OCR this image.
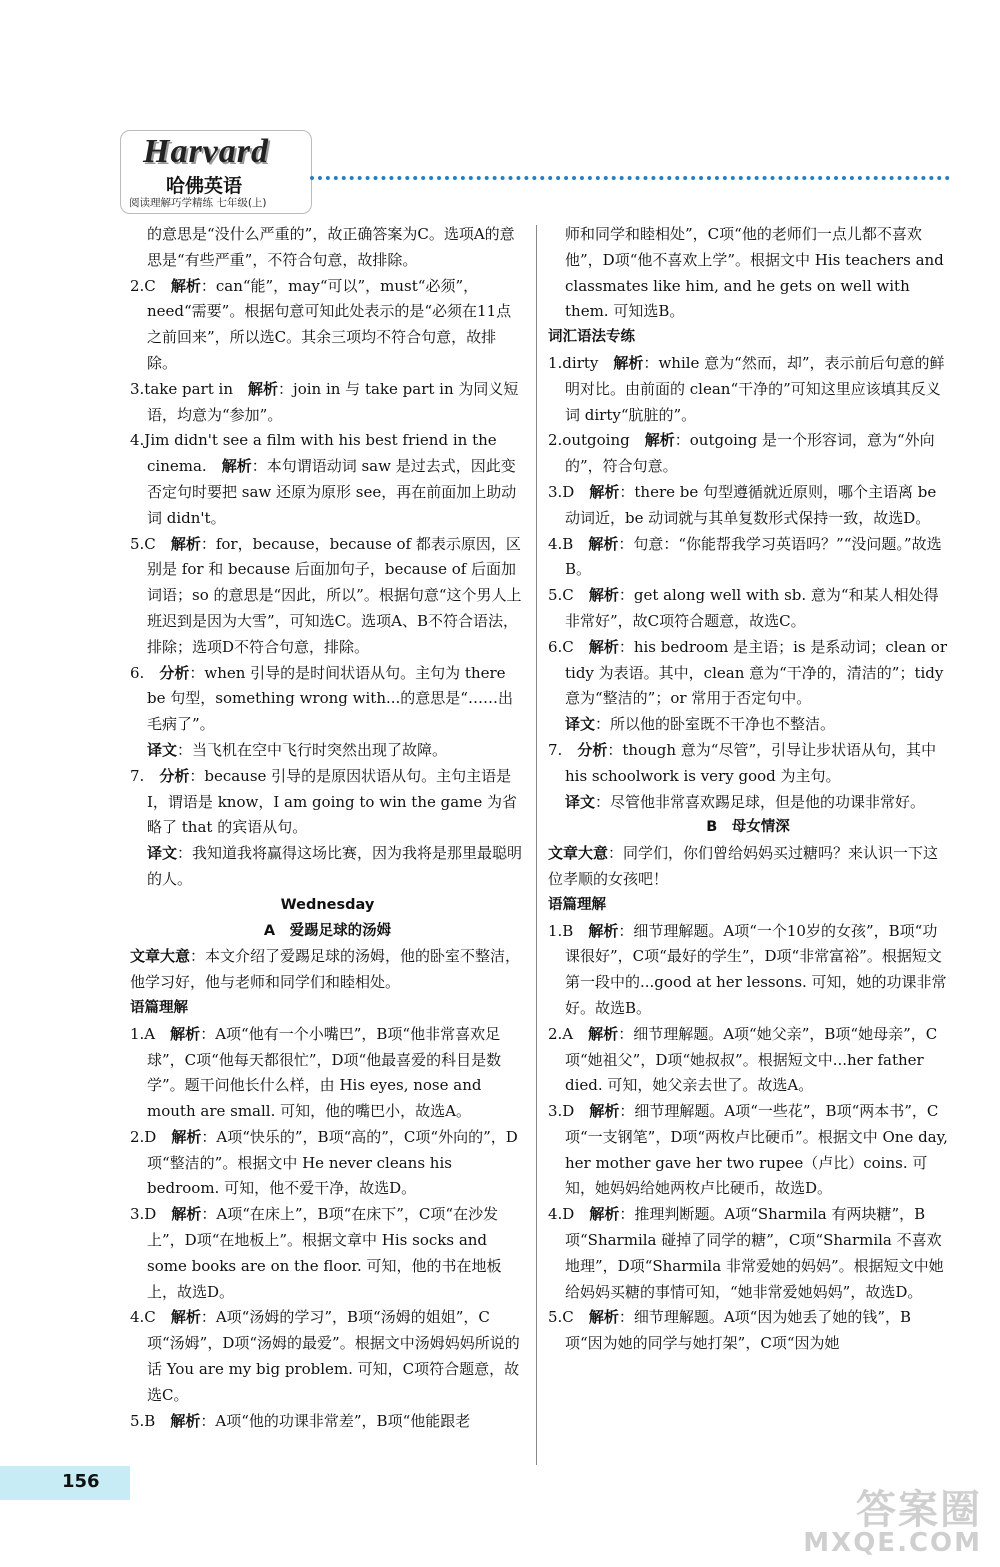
Harvard
哈佛英语
阅读理解巧学精练 七年级(上)

的意思是“没什么严重的”，故正确答案为C。选项A的意思是“有些严重”，不符合句意，故排除。

2.C　 解析：can“能”，may“可以”，must“必须”，need“需要”。根据句意可知此处表示的是“必须在11点之前回来”，所以选C。其余三项均不符合句意，故排除。

3.take part in　 解析：join in 与 take part in 为同义短语，均意为“参加”。

4.Jim didn't see a film with his best friend in the cinema.　 解析：本句谓语动词 saw 是过去式，因此变否定句时要把 saw 还原为原形 see，再在前面加上助动词 didn't。

5.C　 解析：for，because，because of 都表示原因，区别是 for 和 because 后面加句子，because of 后面加词语；so 的意思是“因此，所以”。根据句意“这个男人上班迟到是因为大雪”，可知选C。选项A、B不符合语法，排除；选项D不符合句意，排除。

6.　 分析：when 引导的是时间状语从句。主句为 there be 句型，something wrong with...的意思是“……出毛病了”。

译文：当飞机在空中飞行时突然出现了故障。

7.　 分析：because 引导的是原因状语从句。主句主语是I，谓语是 know，I am going to win the game 为省略了 that 的宾语从句。

译文：我知道我将赢得这场比赛，因为我将是那里最聪明的人。

Wednesday

A　爱踢足球的汤姆

文章大意：本文介绍了爱踢足球的汤姆，他的卧室不整洁，他学习好，他与老师和同学们和睦相处。

语篇理解

1.A　 解析：A项“他有一个小嘴巴”，B项“他非常喜欢足球”，C项“他每天都很忙”，D项“他最喜爱的科目是数学”。题干问他长什么样，由 His eyes, nose and mouth are small. 可知，他的嘴巴小，故选A。

2.D　 解析：A项“快乐的”，B项“高的”，C项“外向的”，D项“整洁的”。根据文中 He never cleans his bedroom. 可知，他不爱干净，故选D。

3.D　 解析：A项“在床上”，B项“在床下”，C项“在沙发上”，D项“在地板上”。根据文章中 His socks and some books are on the floor. 可知，他的书在地板上，故选D。

4.C　 解析：A项“汤姆的学习”，B项“汤姆的姐姐”，C项“汤姆”，D项“汤姆的最爱”。根据文中汤姆妈妈所说的话 You are my big problem. 可知，C项符合题意，故选C。

5.B　 解析：A项“他的功课非常差”，B项“他能跟老

师和同学和睦相处”，C项“他的老师们一点儿都不喜欢他”，D项“他不喜欢上学”。根据文中 His teachers and classmates like him, and he gets on well with them. 可知选B。

词汇语法专练

1.dirty　 解析：while 意为“然而，却”，表示前后句意的鲜明对比。由前面的 clean“干净的”可知这里应该填其反义词 dirty“肮脏的”。

2.outgoing　 解析：outgoing 是一个形容词，意为“外向的”，符合句意。

3.D　 解析：there be 句型遵循就近原则，哪个主语离 be 动词近，be 动词就与其单复数形式保持一致，故选D。

4.B　 解析：句意：“你能帮我学习英语吗？”“没问题。”故选B。

5.C　 解析：get along well with sb. 意为“和某人相处得非常好”，故C项符合题意，故选C。

6.C　 解析：his bedroom 是主语；is 是系动词；clean or tidy 为表语。其中，clean 意为“干净的，清洁的”；tidy 意为“整洁的”；or 常用于否定句中。

译文：所以他的卧室既不干净也不整洁。

7.　 分析：though 意为“尽管”，引导让步状语从句，其中 his schoolwork is very good 为主句。

译文：尽管他非常喜欢踢足球，但是他的功课非常好。

B　母女情深

文章大意：同学们，你们曾给妈妈买过糖吗？来认识一下这位孝顺的女孩吧！

语篇理解

1.B　 解析：细节理解题。A项“一个10岁的女孩”，B项“功课很好”，C项“最好的学生”，D项“非常富裕”。根据短文第一段中的...good at her lessons. 可知，她的功课非常好。故选B。

2.A　 解析：细节理解题。A项“她父亲”，B项“她母亲”，C项“她祖父”，D项“她叔叔”。根据短文中...her father died. 可知，她父亲去世了。故选A。

3.D　 解析：细节理解题。A项“一些花”，B项“两本书”，C项“一支钢笔”，D项“两枚卢比硬币”。根据文中 One day, her mother gave her two rupee（卢比）coins. 可知，她妈妈给她两枚卢比硬币，故选D。

4.D　 解析：推理判断题。A项“Sharmila 有两块糖”，B项“Sharmila 碰掉了同学的糖”，C项“Sharmila 不喜欢地理”，D项“Sharmila 非常爱她的妈妈”。根据短文中她给妈妈买糖的事情可知，“她非常爱她妈妈”，故选D。

5.C　 解析：细节理解题。A项“因为她丢了她的钱”，B项“因为她的同学与她打架”，C项“因为她

156
答案圈
MXQE.COM
